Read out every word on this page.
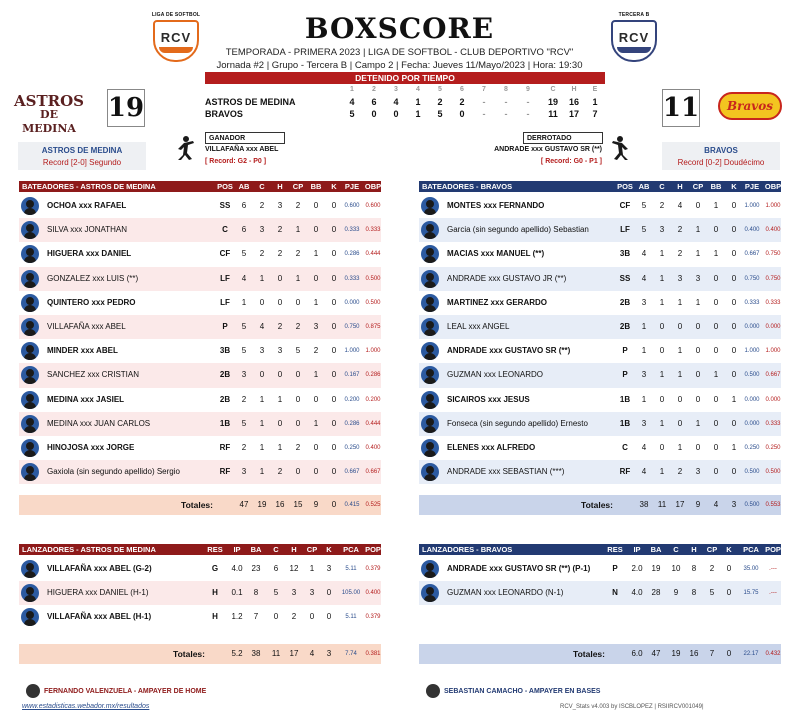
LIGA DE SOFTBOL
RCV
TERCERA B
RCV
BOXSCORE
TEMPORADA - PRIMERA 2023 | LIGA DE SOFTBOL - CLUB DEPORTIVO "RCV"
Jornada #2 | Grupo - Tercera B | Campo 2 | Fecha: Jueves 11/Mayo/2023 | Hora: 19:30
DETENIDO POR TIEMPO
ASTROS
DE MEDINA
19	11 Bravos
1	2	3	4	5	6	7	8	9	C	H	E
ASTROS DE MEDINA	4	6	4	1	2	2	-	-	-	19 16	1
BRAVOS	5	0	0	1	5	0	-	-	-	11 17	7
ASTROS DE MEDINA
Record [2-0] Segundo
BRAVOS
Record [0-2] Doudécimo
GANADOR
VILLAFAÑA xxx ABEL
[ Record: G2 - P0 ]
DERROTADO
ANDRADE xxx GUSTAVO SR (**)
[ Record: G0 - P1 ]
BATEADORES - ASTROS DE MEDINA	POS AB	C	H	CP BB	K	PJE OBP
OCHOA xxx RAFAEL	SS	6	2	3	2	0	0	0.600 0.600
SILVA xxx JONATHAN	C	6	3	2	1	0	0	0.333 0.333
HIGUERA xxx DANIEL	CF	5	2	2	2	1	0	0.286 0.444
GONZALEZ xxx LUIS (**)	LF	4	1	0	1	0	0	0.333 0.500
QUINTERO xxx PEDRO	LF	1	0	0	0	1	0	0.000 0.500
VILLAFAÑA xxx ABEL	P	5	4	2	2	3	0	0.750 0.875
MINDER xxx ABEL	3B	5	3	3	5	2	0	1.000 1.000
SANCHEZ xxx CRISTIAN	2B	3	0	0	0	1	0	0.167 0.286
MEDINA xxx JASIEL	2B	2	1	1	0	0	0	0.200 0.200
MEDINA xxx JUAN CARLOS	1B	5	1	0	0	1	0	0.286 0.444
HINOJOSA xxx JORGE	RF	2	1	1	2	0	0	0.250 0.400
Gaxiola (sin segundo apellido) Sergio	RF	3	1	2	0	0	0	0.667 0.667
Totales:	47	19	16	15	9	0	0.415 0.525
BATEADORES - BRAVOS	POS AB	C	H	CP BB	K	PJE OBP
MONTES xxx FERNANDO	CF	5	2	4	0	1	0	1.000 1.000
Garcia (sin segundo apellido) Sebastian	LF	5	3	2	1	0	0	0.400 0.400
MACIAS xxx MANUEL (**)	3B	4	1	2	1	1	0	0.667 0.750
ANDRADE xxx GUSTAVO JR (**)	SS	4	1	3	3	0	0	0.750 0.750
MARTINEZ xxx GERARDO	2B	3	1	1	1	0	0	0.333 0.333
LEAL xxx ANGEL	2B	1	0	0	0	0	0	0.000 0.000
ANDRADE xxx GUSTAVO SR (**)	P	1	0	1	0	0	0	1.000 1.000
GUZMAN xxx LEONARDO	P	3	1	1	0	1	0	0.500 0.667
SICAIROS xxx JESUS	1B	1	0	0	0	0	1	0.000 0.000
Fonseca (sin segundo apellido) Ernesto	1B	3	1	0	1	0	0	0.000 0.333
ELENES xxx ALFREDO	C	4	0	1	0	0	1	0.250 0.250
ANDRADE xxx SEBASTIAN (***)	RF	4	1	2	3	0	0	0.500 0.500
Totales:	38	11	17	9	4	3	0.500 0.553
LANZADORES - ASTROS DE MEDINA	RES	IP	BA	C	H	CP	K	PCA POP
VILLAFAÑA xxx ABEL (G-2)	G	4.0	23	6	12	1	3	5.11	0.379
HIGUERA xxx DANIEL (H-1)	H	0.1	8	5	3	3	0	105.00 0.400
VILLAFAÑA xxx ABEL (H-1)	H	1.2	7	0	2	0	0	5.11	0.379
Totales:	5.2	38	11	17	4	3	7.74	0.381
LANZADORES - BRAVOS	RES	IP	BA	C	H	CP	K	PCA POP
ANDRADE xxx GUSTAVO SR (**) (P-1)	P	2.0	19	10	8	2	0	35.00	.---
GUZMAN xxx LEONARDO (N-1)	N	4.0	28	9	8	5	0	15.75	.---
Totales:	6.0	47	19	16	7	0	22.17	0.432
FERNANDO VALENZUELA - AMPAYER DE HOME	SEBASTIAN CAMACHO - AMPAYER EN BASES
www.estadisticas.webador.mx/resultados	RCV_Stats v4.003 by ISCBLOPEZ | RSIIRCV001049|
